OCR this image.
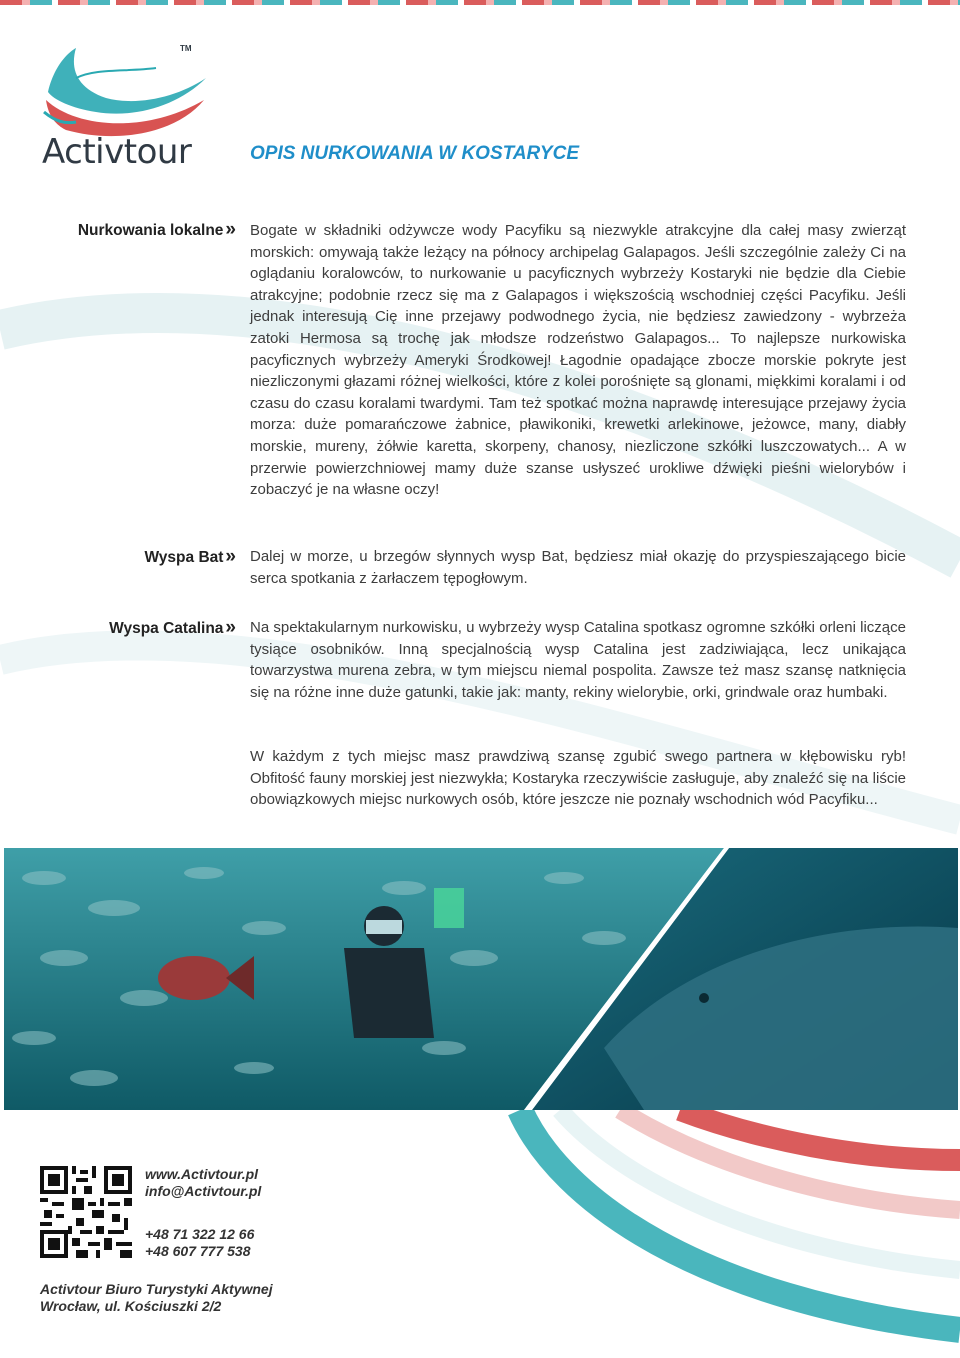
TM
Activtour	OPIS NURKOWANIA W KOSTARYCE
Nurkowania lokalne » Bogate w składniki odżywcze wody Pacyfiku są niezwykle atrakcyjne dla całej masy zwierząt morskich: omywają także leżący na północy archipelag Galapagos. Jeśli szczególnie zależy Ci na oglądaniu koralowców, to nurkowanie u pacyficznych wybrzeży Kostaryki nie będzie dla Ciebie atrakcyjne; podobnie rzecz się ma z Galapagos i większością wschodniej części Pacyfiku. Jeśli jednak interesują Cię inne przejawy podwodnego życia, nie będziesz zawiedzony - wybrzeża zatoki Hermosa są trochę jak młodsze rodzeństwo Galapagos... To najlepsze nurkowiska pacyficznych wybrzeży Ameryki Środkowej! Łagodnie opadające zbocze morskie pokryte jest niezliczonymi głazami różnej wielkości, które z kolei porośnięte są glonami, miękkimi koralami i od czasu do czasu koralami twardymi. Tam też spotkać można naprawdę interesujące przejawy życia morza: duże pomarańczowe żabnice, pławikoniki, krewetki arlekinowe, jeżowce, many, diabły morskie, mureny, żółwie karetta, skorpeny, chanosy, niezliczone szkółki luszczowatych... A w przerwie powierzchniowej mamy duże szanse usłyszeć urokliwe dźwięki pieśni wielorybów i zobaczyć je na własne oczy!
Wyspa Bat » Dalej w morze, u brzegów słynnych wysp Bat, będziesz miał okazję do przyspieszającego bicie serca spotkania z żarłaczem tępogłowym.
Wyspa Catalina » Na spektakularnym nurkowisku, u wybrzeży wysp Catalina spotkasz ogromne szkółki orleni liczące tysiące osobników. Inną specjalnością wysp Catalina jest zadziwiająca, lecz unikająca towarzystwa murena zebra, w tym miejscu niemal pospolita. Zawsze też masz szansę natknięcia się na różne inne duże gatunki, takie jak: manty, rekiny wielorybie, orki, grindwale oraz humbaki.
W każdym z tych miejsc masz prawdziwą szansę zgubić swego partnera w kłębowisku ryb! Obfitość fauny morskiej jest niezwykła; Kostaryka rzeczywiście zasługuje, aby znaleźć się na liście obowiązkowych miejsc nurkowych osób, które jeszcze nie poznały wschodnich wód Pacyfiku...
www.Activtour.pl
info@Activtour.pl
+48 71 322 12 66
+48 607 777 538
Activtour Biuro Turystyki Aktywnej
Wrocław, ul. Kościuszki 2/2
